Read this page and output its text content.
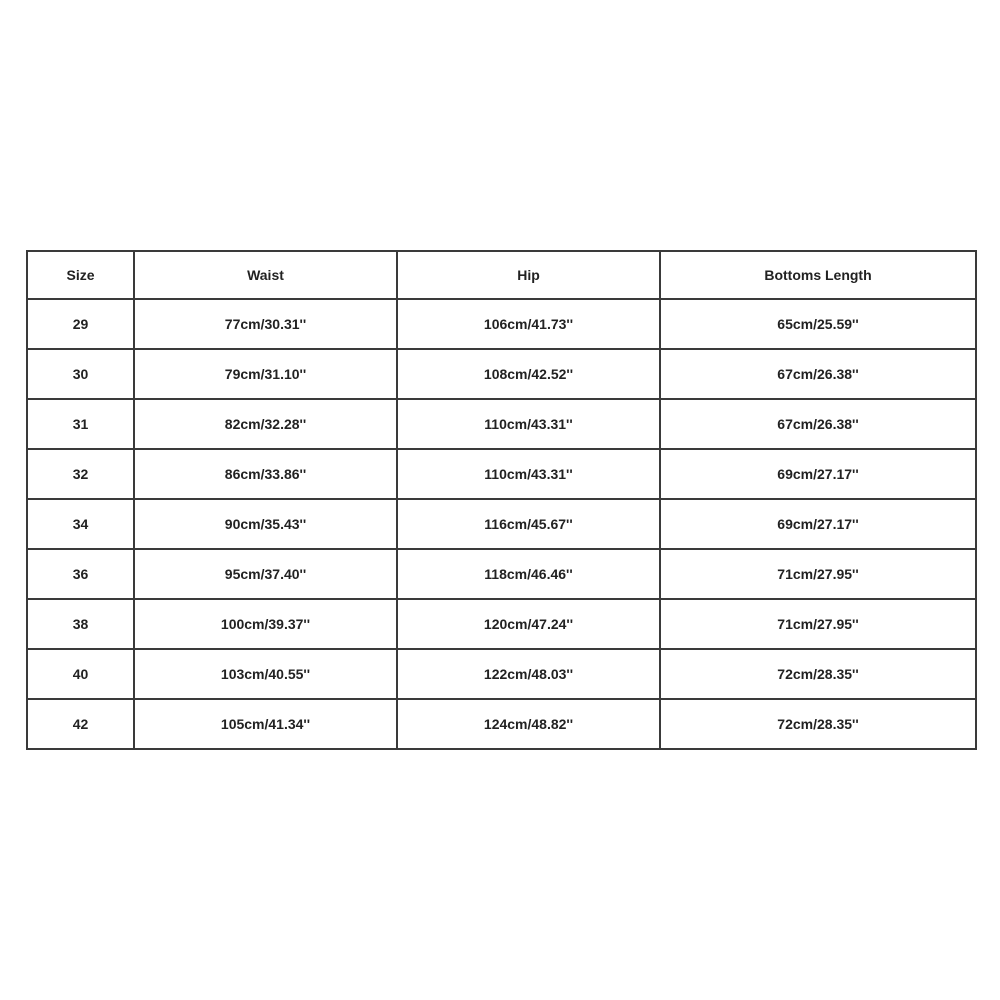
Size	Waist	Hip	Bottoms Length
29	77cm/30.31''	106cm/41.73''	65cm/25.59''
30	79cm/31.10''	108cm/42.52''	67cm/26.38''
31	82cm/32.28''	110cm/43.31''	67cm/26.38''
32	86cm/33.86''	110cm/43.31''	69cm/27.17''
34	90cm/35.43''	116cm/45.67''	69cm/27.17''
36	95cm/37.40''	118cm/46.46''	71cm/27.95''
38	100cm/39.37''	120cm/47.24''	71cm/27.95''
40	103cm/40.55''	122cm/48.03''	72cm/28.35''
42	105cm/41.34''	124cm/48.82''	72cm/28.35''
